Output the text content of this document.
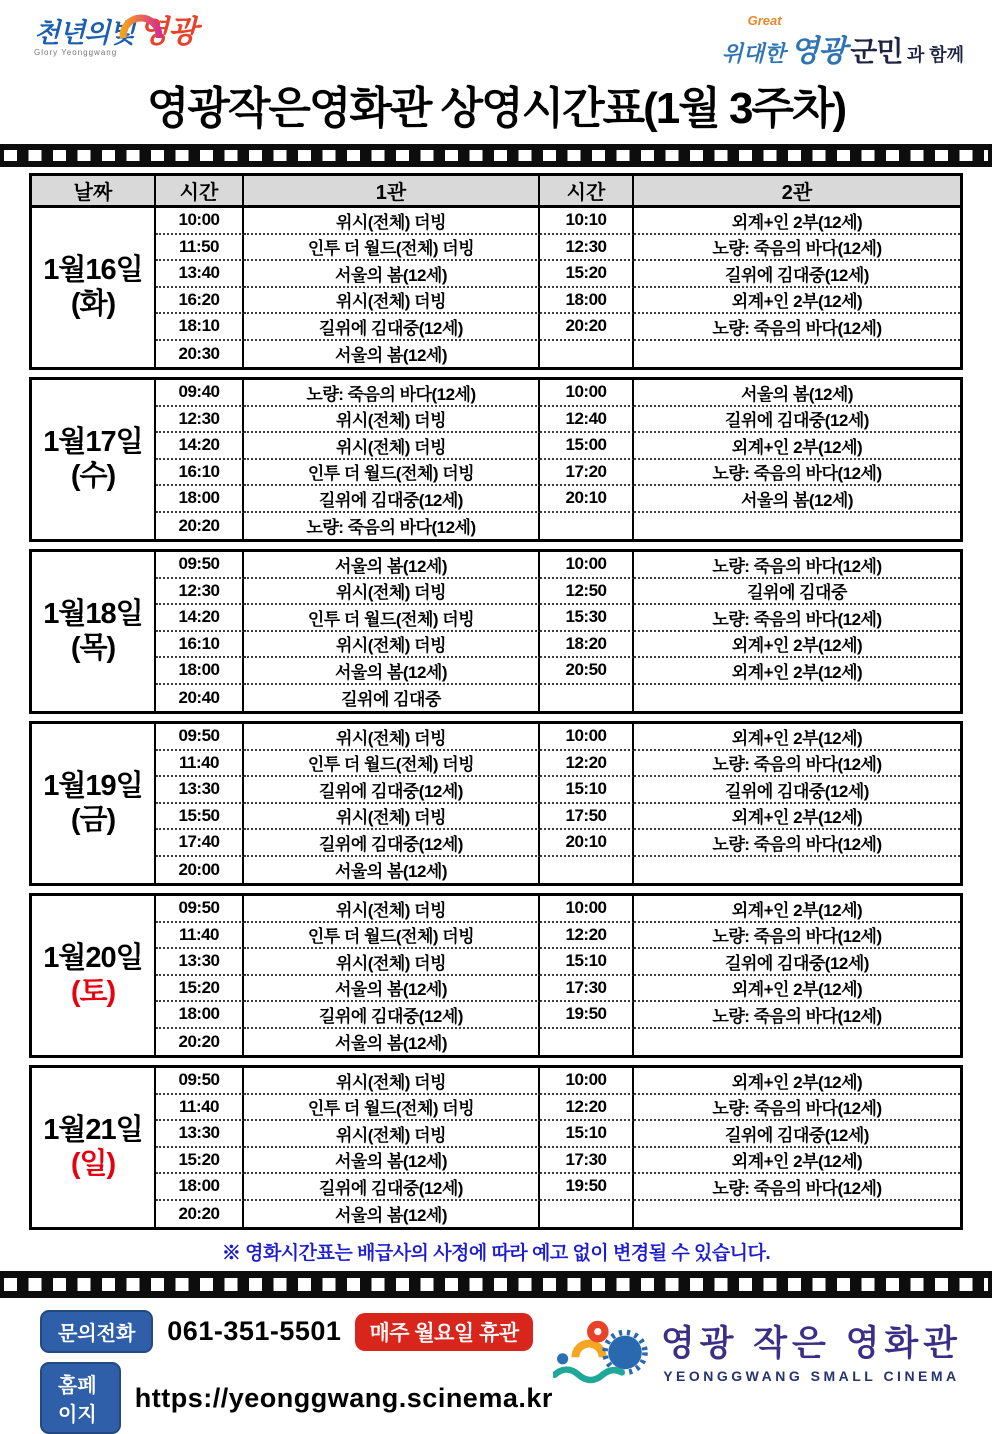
천년의빛 영광
Glory Yeonggwang
Great
위대한 영광 군민 과 함께
영광작은영화관 상영시간표(1월 3주차)
날짜	시간	1관	시간	2관
1월16일
(화)
10:00	위시(전체) 더빙	10:10	외계+인 2부(12세)
11:50	인투 더 월드(전체) 더빙	12:30	노량: 죽음의 바다(12세)
13:40	서울의 봄(12세)	15:20	길위에 김대중(12세)
16:20	위시(전체) 더빙	18:00	외계+인 2부(12세)
18:10	길위에 김대중(12세)	20:20	노량: 죽음의 바다(12세)
20:30	서울의 봄(12세)
1월17일
(수)
09:40	노량: 죽음의 바다(12세)	10:00	서울의 봄(12세)
12:30	위시(전체) 더빙	12:40	길위에 김대중(12세)
14:20	위시(전체) 더빙	15:00	외계+인 2부(12세)
16:10	인투 더 월드(전체) 더빙	17:20	노량: 죽음의 바다(12세)
18:00	길위에 김대중(12세)	20:10	서울의 봄(12세)
20:20	노량: 죽음의 바다(12세)
1월18일
(목)
09:50	서울의 봄(12세)	10:00	노량: 죽음의 바다(12세)
12:30	위시(전체) 더빙	12:50	길위에 김대중
14:20	인투 더 월드(전체) 더빙	15:30	노량: 죽음의 바다(12세)
16:10	위시(전체) 더빙	18:20	외계+인 2부(12세)
18:00	서울의 봄(12세)	20:50	외계+인 2부(12세)
20:40	길위에 김대중
1월19일
(금)
09:50	위시(전체) 더빙	10:00	외계+인 2부(12세)
11:40	인투 더 월드(전체) 더빙	12:20	노량: 죽음의 바다(12세)
13:30	길위에 김대중(12세)	15:10	길위에 김대중(12세)
15:50	위시(전체) 더빙	17:50	외계+인 2부(12세)
17:40	길위에 김대중(12세)	20:10	노량: 죽음의 바다(12세)
20:00	서울의 봄(12세)
1월20일
(토)
09:50	위시(전체) 더빙	10:00	외계+인 2부(12세)
11:40	인투 더 월드(전체) 더빙	12:20	노량: 죽음의 바다(12세)
13:30	위시(전체) 더빙	15:10	길위에 김대중(12세)
15:20	서울의 봄(12세)	17:30	외계+인 2부(12세)
18:00	길위에 김대중(12세)	19:50	노량: 죽음의 바다(12세)
20:20	서울의 봄(12세)
1월21일
(일)
09:50	위시(전체) 더빙	10:00	외계+인 2부(12세)
11:40	인투 더 월드(전체) 더빙	12:20	노량: 죽음의 바다(12세)
13:30	위시(전체) 더빙	15:10	길위에 김대중(12세)
15:20	서울의 봄(12세)	17:30	외계+인 2부(12세)
18:00	길위에 김대중(12세)	19:50	노량: 죽음의 바다(12세)
20:20	서울의 봄(12세)
※ 영화시간표는 배급사의 사정에 따라 예고 없이 변경될 수 있습니다.
문의전화	061-351-5501	매주 월요일 휴관
홈페이지
https://yeonggwang.scinema.kr
영광 작은 영화관
YEONGGWANG SMALL CINEMA
